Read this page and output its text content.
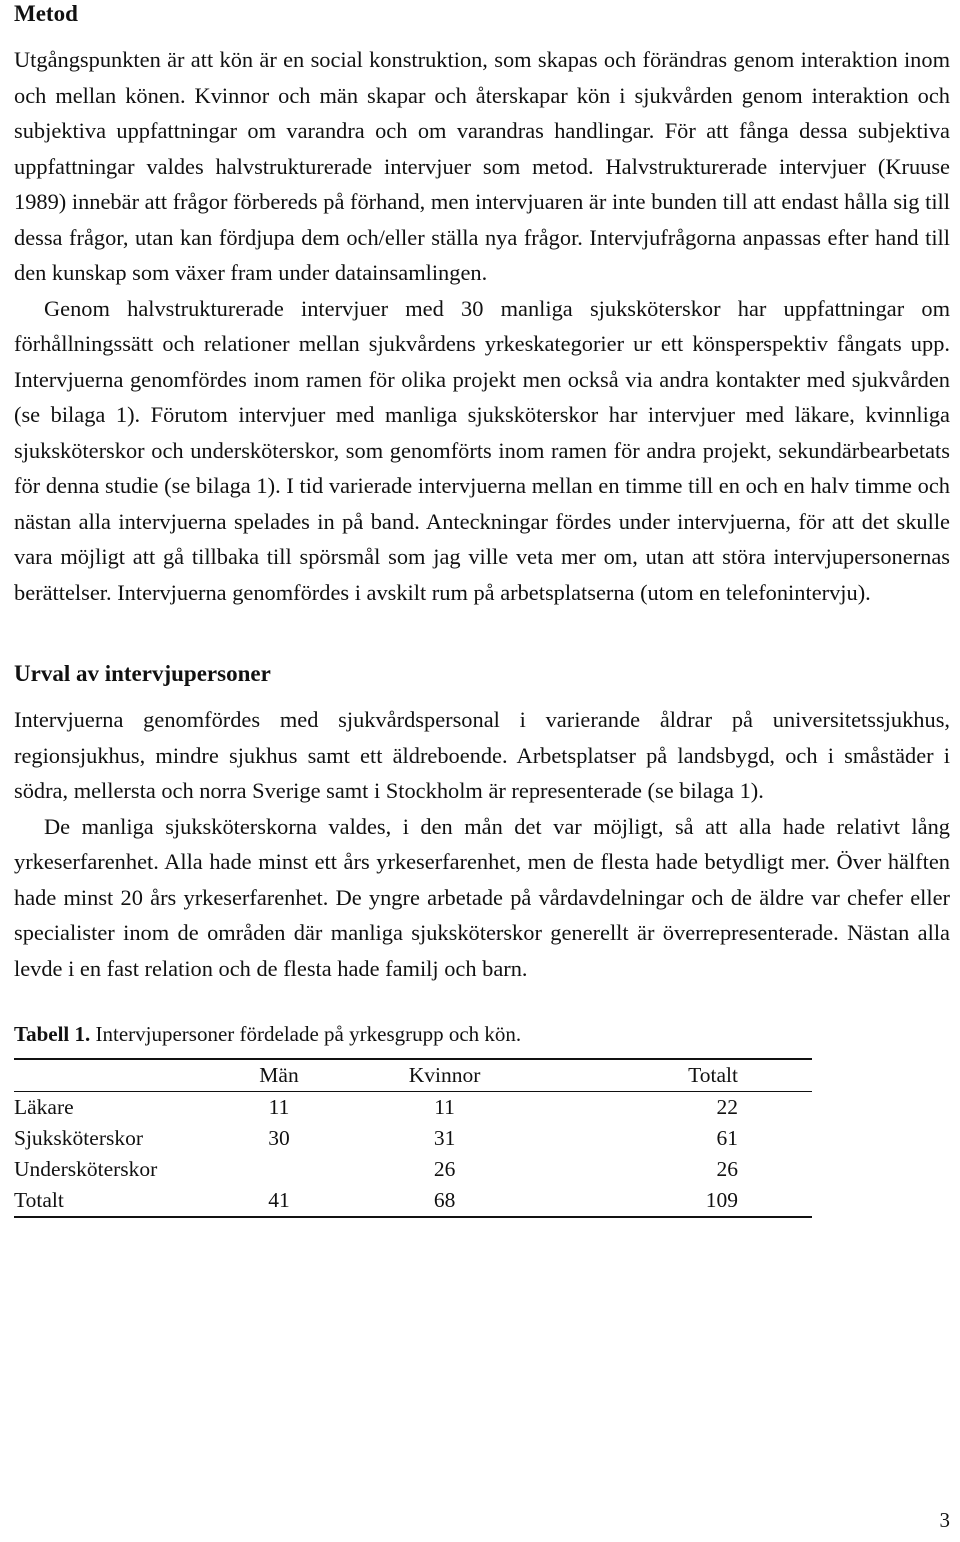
Metod

Utgångspunkten är att kön är en social konstruktion, som skapas och förändras genom interaktion inom och mellan könen. Kvinnor och män skapar och återskapar kön i sjukvården genom interaktion och subjektiva uppfattningar om varandra och om varandras handlingar. För att fånga dessa subjektiva uppfattningar valdes halvstrukturerade intervjuer som metod. Halvstrukturerade intervjuer (Kruuse 1989) innebär att frågor förbereds på förhand, men intervjuaren är inte bunden till att endast hålla sig till dessa frågor, utan kan fördjupa dem och/eller ställa nya frågor. Intervjufrågorna anpassas efter hand till den kunskap som växer fram under datainsamlingen.

Genom halvstrukturerade intervjuer med 30 manliga sjuksköterskor har uppfattningar om förhållningssätt och relationer mellan sjukvårdens yrkeskategorier ur ett könsperspektiv fångats upp. Intervjuerna genomfördes inom ramen för olika projekt men också via andra kontakter med sjukvården (se bilaga 1). Förutom intervjuer med manliga sjuksköterskor har intervjuer med läkare, kvinnliga sjuksköterskor och undersköterskor, som genomförts inom ramen för andra projekt, sekundärbearbetats för denna studie (se bilaga 1). I tid varierade intervjuerna mellan en timme till en och en halv timme och nästan alla intervjuerna spelades in på band. Anteckningar fördes under intervjuerna, för att det skulle vara möjligt att gå tillbaka till spörsmål som jag ville veta mer om, utan att störa intervjupersonernas berättelser. Intervjuerna genomfördes i avskilt rum på arbetsplatserna (utom en telefonintervju).

Urval av intervjupersoner

Intervjuerna genomfördes med sjukvårdspersonal i varierande åldrar på universitetssjukhus, regionsjukhus, mindre sjukhus samt ett äldreboende. Arbetsplatser på landsbygd, och i småstäder i södra, mellersta och norra Sverige samt i Stockholm är representerade (se bilaga 1).

De manliga sjuksköterskorna valdes, i den mån det var möjligt, så att alla hade relativt lång yrkeserfarenhet. Alla hade minst ett års yrkeserfarenhet, men de flesta hade betydligt mer. Över hälften hade minst 20 års yrkeserfarenhet. De yngre arbetade på vårdavdelningar och de äldre var chefer eller specialister inom de områden där manliga sjuksköterskor generellt är överrepresenterade. Nästan alla levde i en fast relation och de flesta hade familj och barn.

Tabell 1. Intervjupersoner fördelade på yrkesgrupp och kön.
	Män	Kvinnor	Totalt
Läkare	11	11	22
Sjuksköterskor	30	31	61
Undersköterskor		26	26
Totalt	41	68	109
3
